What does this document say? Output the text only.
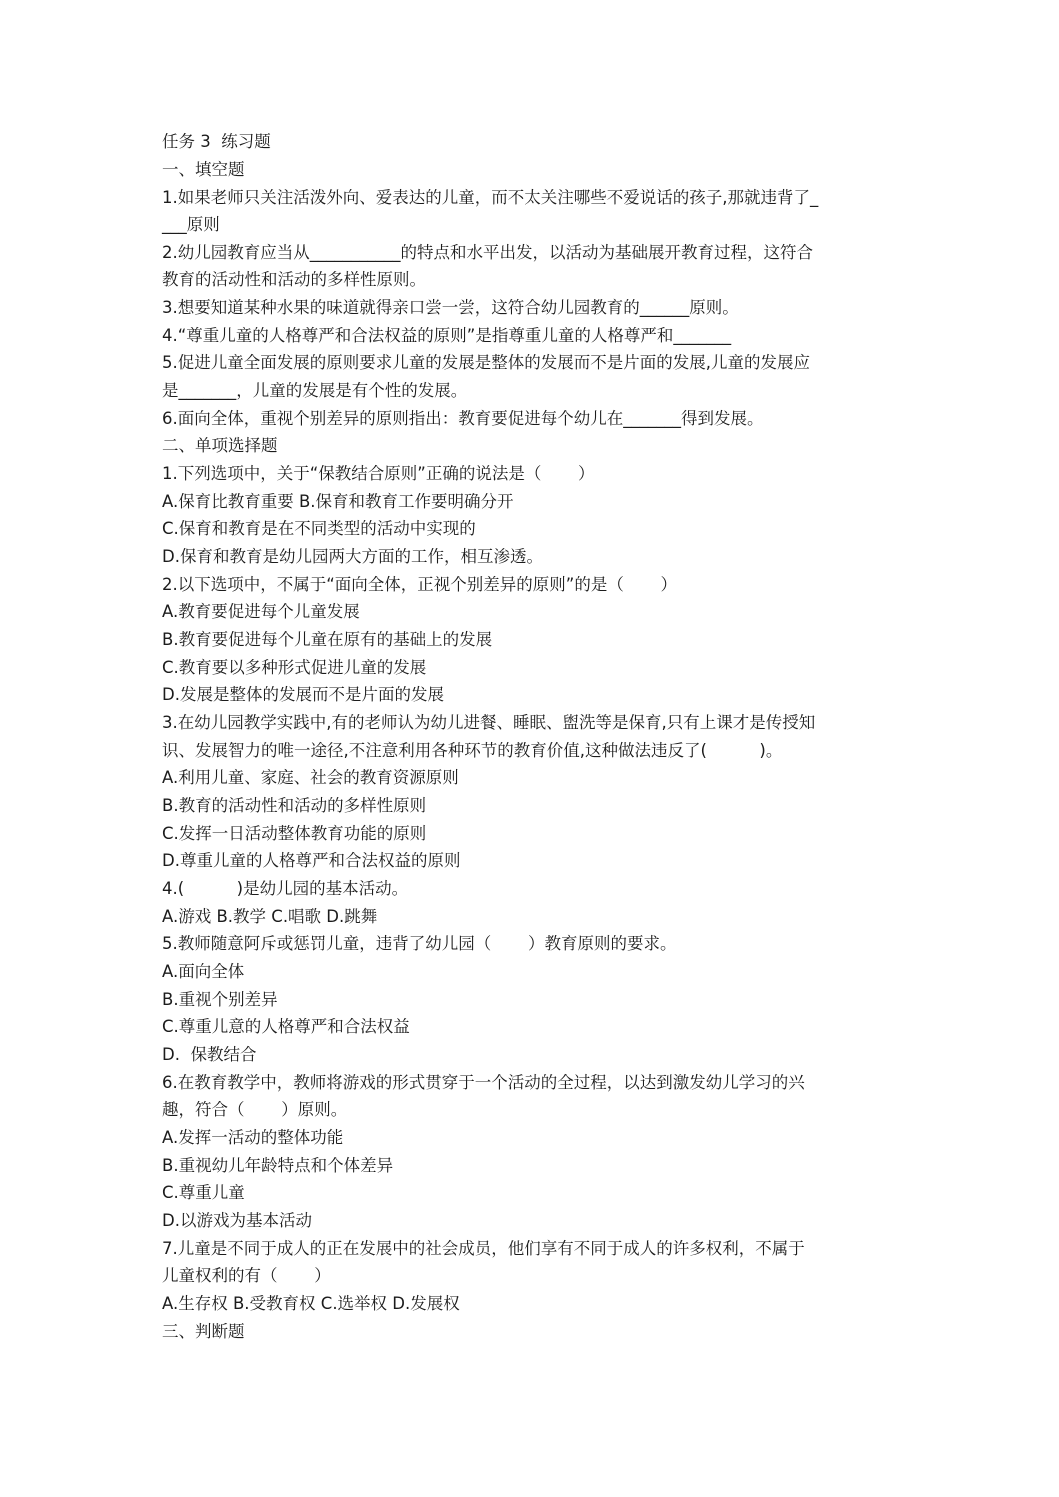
任务 3  练习题
一、填空题
1.如果老师只关注活泼外向、爱表达的儿童，而不太关注哪些不爱说话的孩子,那就违背了_
___原则
2.幼儿园教育应当从___________的特点和水平出发，以活动为基础展开教育过程，这符合
教育的活动性和活动的多样性原则。
3.想要知道某种水果的味道就得亲口尝一尝，这符合幼儿园教育的______原则。
4.“尊重儿童的人格尊严和合法权益的原则”是指尊重儿童的人格尊严和_______
5.促进儿童全面发展的原则要求儿童的发展是整体的发展而不是片面的发展,儿童的发展应
是_______，儿童的发展是有个性的发展。
6.面向全体，重视个别差异的原则指出：教育要促进每个幼儿在_______得到发展。
二、单项选择题
1.下列选项中，关于“保教结合原则”正确的说法是（       ）
A.保育比教育重要 B.保育和教育工作要明确分开
C.保育和教育是在不同类型的活动中实现的
D.保育和教育是幼儿园两大方面的工作，相互渗透。
2.以下选项中，不属于“面向全体，正视个别差异的原则”的是（       ）
A.教育要促进每个儿童发展
B.教育要促进每个儿童在原有的基础上的发展
C.教育要以多种形式促进儿童的发展
D.发展是整体的发展而不是片面的发展
3.在幼儿园教学实践中,有的老师认为幼儿进餐、睡眠、盥洗等是保育,只有上课才是传授知
识、发展智力的唯一途径,不注意利用各种环节的教育价值,这种做法违反了(          )。
A.利用儿童、家庭、社会的教育资源原则
B.教育的活动性和活动的多样性原则
C.发挥一日活动整体教育功能的原则
D.尊重儿童的人格尊严和合法权益的原则
4.(          )是幼儿园的基本活动。
A.游戏 B.教学 C.唱歌 D.跳舞
5.教师随意阿斥或惩罚儿童，违背了幼儿园（       ）教育原则的要求。
A.面向全体
B.重视个别差异
C.尊重儿意的人格尊严和合法权益
D.  保教结合
6.在教育教学中，教师将游戏的形式贯穿于一个活动的全过程，以达到激发幼儿学习的兴
趣，符合（       ）原则。
A.发挥一活动的整体功能
B.重视幼儿年龄特点和个体差异
C.尊重儿童
D.以游戏为基本活动
7.儿童是不同于成人的正在发展中的社会成员，他们享有不同于成人的许多权利，不属于
儿童权利的有（       ）
A.生存权 B.受教育权 C.选举权 D.发展权
三、判断题
